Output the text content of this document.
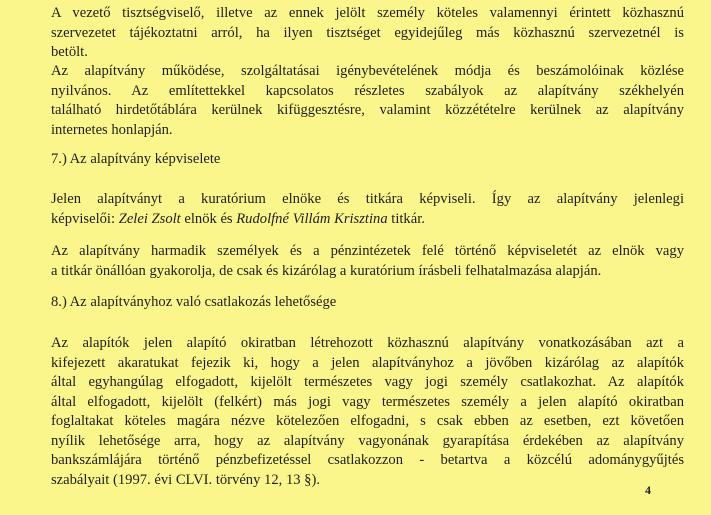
A vezető tisztségviselő, illetve az ennek jelölt személy köteles valamennyi érintett közhasznú
szervezetet tájékoztatni arról, ha ilyen tisztséget egyidejűleg más közhasznú szervezetnél is
betölt.
Az alapítvány működése, szolgáltatásai igénybevételének módja és beszámolóinak közlése
nyilvános. Az említettekkel kapcsolatos részletes szabályok az alapítvány székhelyén
található hirdetőtáblára kerülnek kifüggesztésre, valamint közzétételre kerülnek az alapítvány
internetes honlapján.
7.) Az alapítvány képviselete
Jelen alapítványt a kuratórium elnöke és titkára képviseli. Így az alapítvány jelenlegi
képviselői: Zelei Zsolt elnök és Rudolfné Villám Krisztina titkár.
Az alapítvány harmadik személyek és a pénzintézetek felé történő képviseletét az elnök vagy
a titkár önállóan gyakorolja, de csak és kizárólag a kuratórium írásbeli felhatalmazása alapján.
8.) Az alapítványhoz való csatlakozás lehetősége
Az alapítók jelen alapító okiratban létrehozott közhasznú alapítvány vonatkozásában azt a
kifejezett akaratukat fejezik ki, hogy a jelen alapítványhoz a jövőben kizárólag az alapítók
által egyhangúlag elfogadott, kijelölt természetes vagy jogi személy csatlakozhat. Az alapítók
által elfogadott, kijelölt (felkért) más jogi vagy természetes személy a jelen alapító okiratban
foglaltakat köteles magára nézve kötelezően elfogadni, s csak ebben az esetben, ezt követően
nyílik lehetősége arra, hogy az alapítvány vagyonának gyarapítása érdekében az alapítvány
bankszámlájára történő pénzbefizetéssel csatlakozzon - betartva a közcélú adománygyűjtés
szabályait (1997. évi CLVI. törvény 12, 13 §).
4
